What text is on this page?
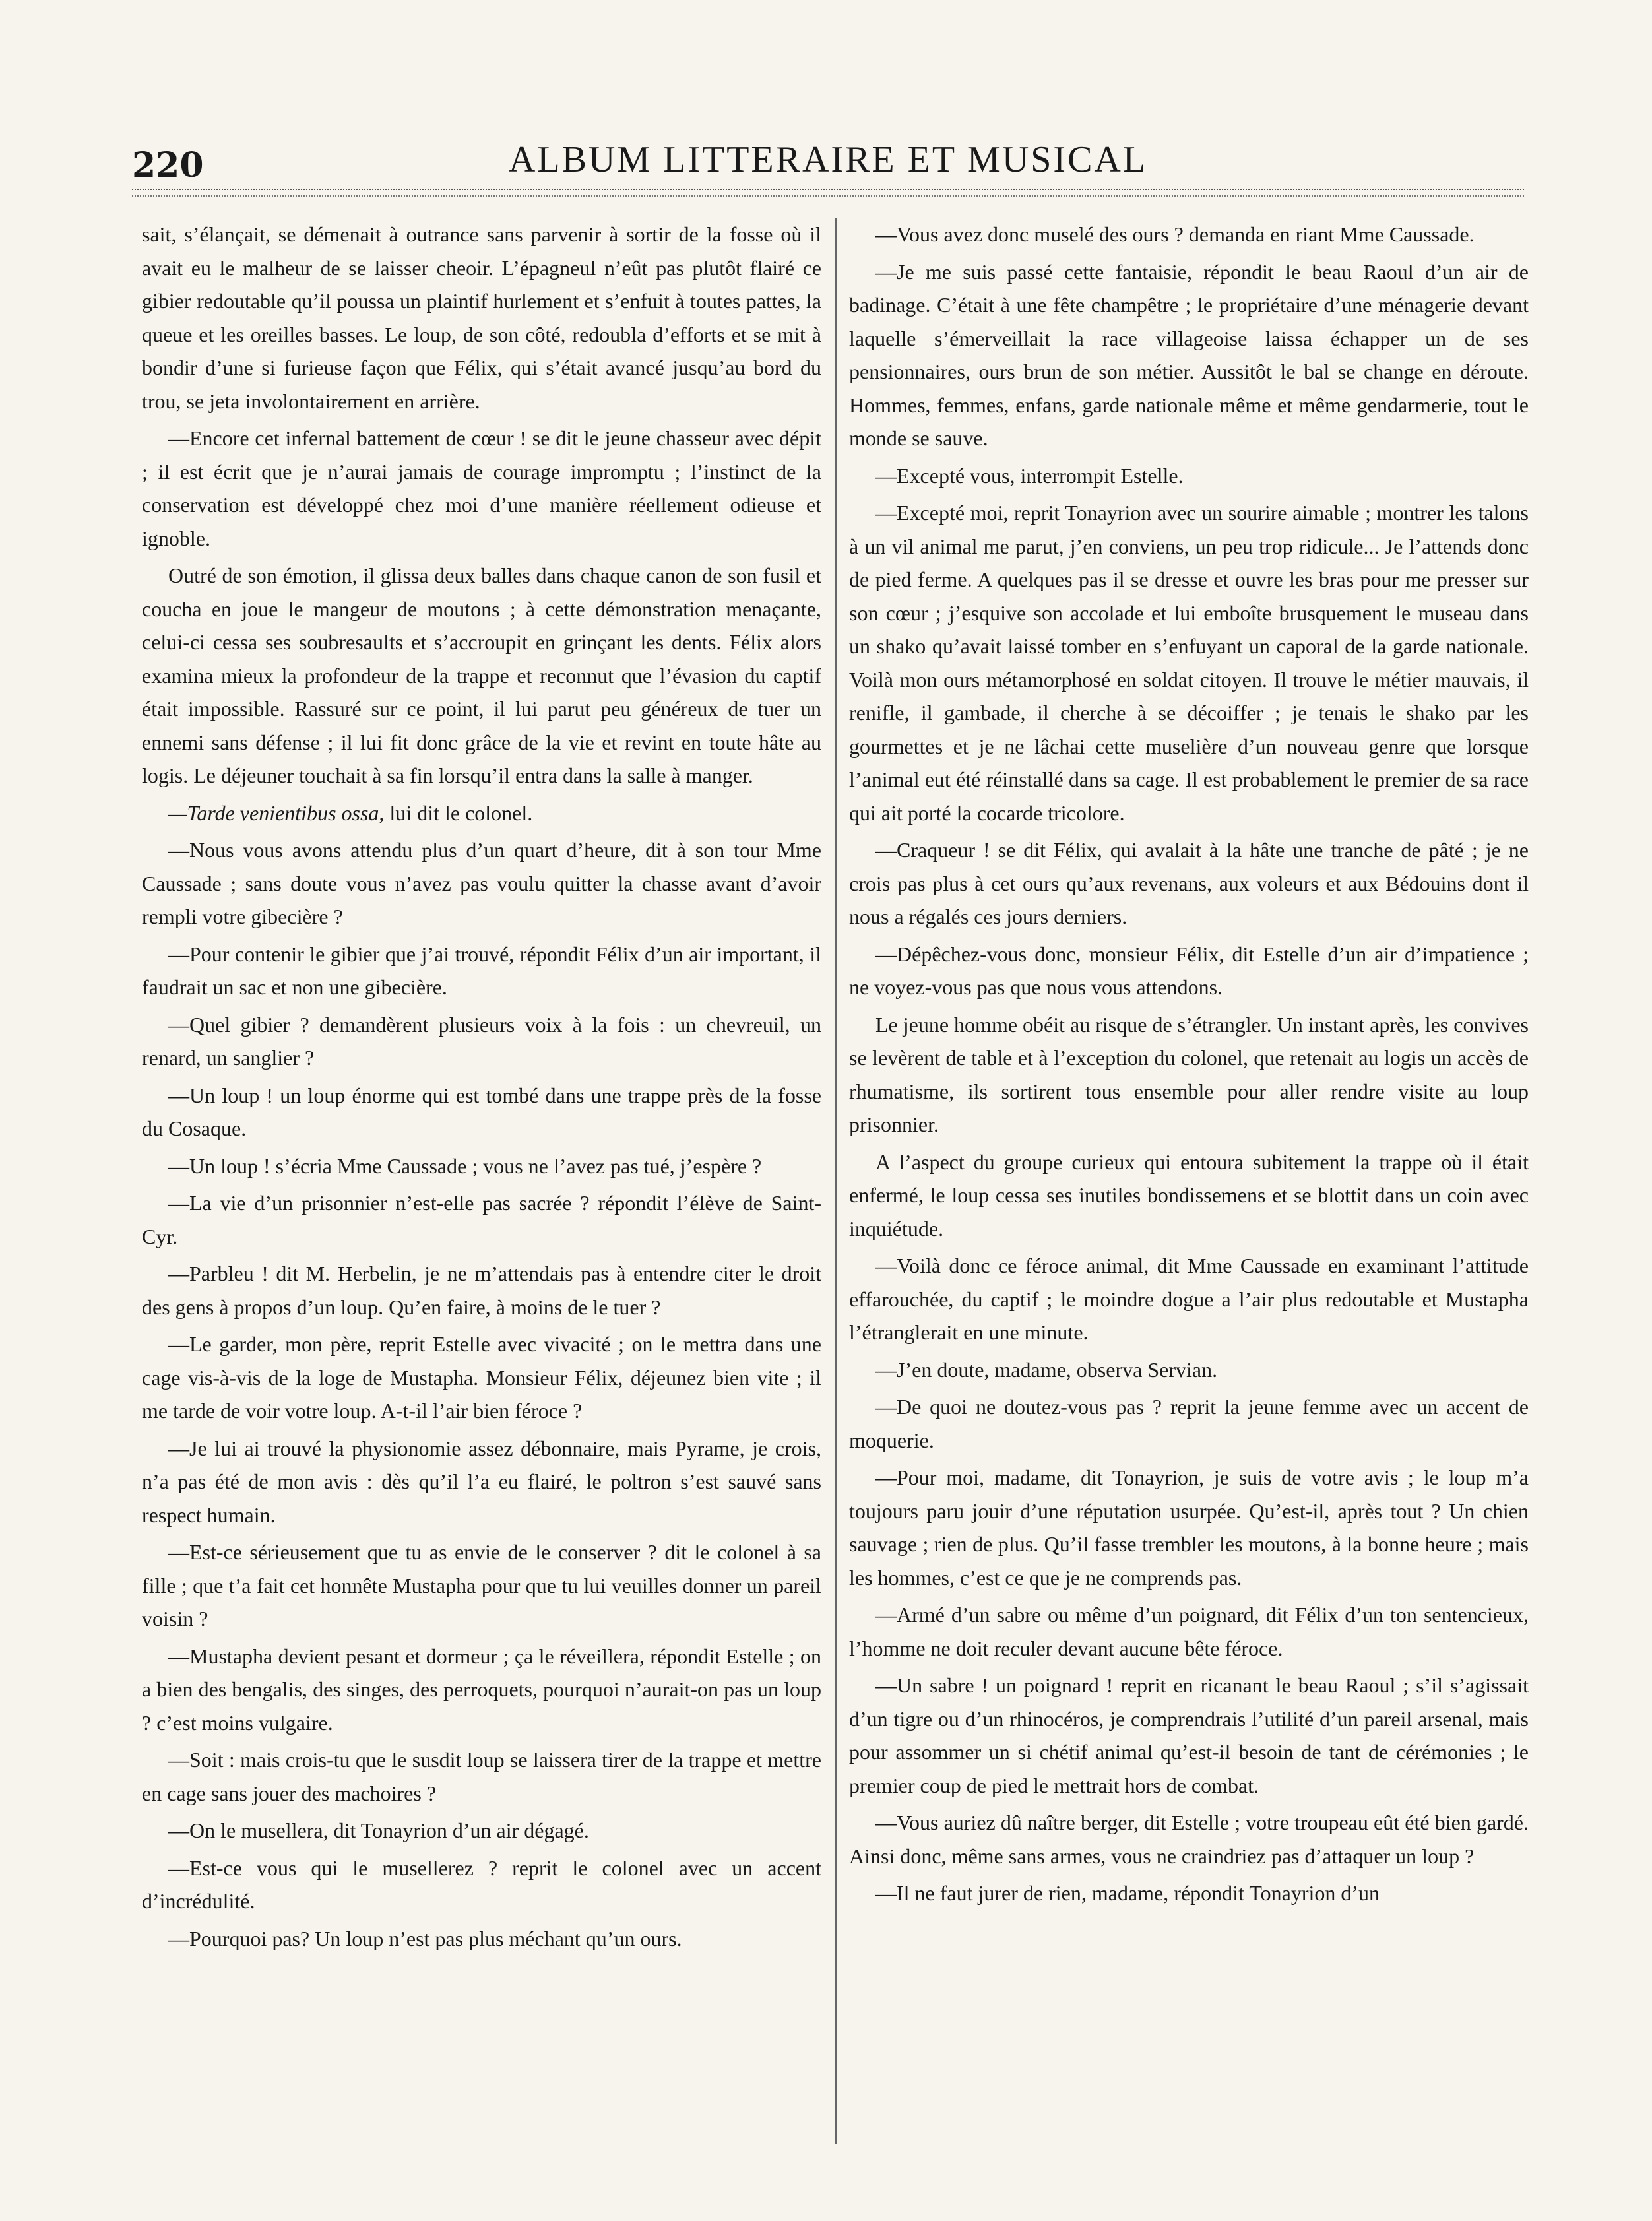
220	ALBUM LITTERAIRE ET MUSICAL

sait, s’élançait, se démenait à outrance sans parvenir à sortir de la fosse où il avait eu le malheur de se laisser cheoir. L’épagneul n’eût pas plutôt flairé ce gibier redoutable qu’il poussa un plaintif hurlement et s’enfuit à toutes pattes, la queue et les oreilles basses. Le loup, de son côté, redoubla d’efforts et se mit à bondir d’une si furieuse façon que Félix, qui s’était avancé jusqu’au bord du trou, se jeta involontairement en arrière.

—Encore cet infernal battement de cœur ! se dit le jeune chasseur avec dépit ; il est écrit que je n’aurai jamais de courage impromptu ; l’instinct de la conservation est développé chez moi d’une manière réellement odieuse et ignoble.

Outré de son émotion, il glissa deux balles dans chaque canon de son fusil et coucha en joue le mangeur de moutons ; à cette démonstration menaçante, celui-ci cessa ses soubresaults et s’accroupit en grinçant les dents. Félix alors examina mieux la profondeur de la trappe et reconnut que l’évasion du captif était impossible. Rassuré sur ce point, il lui parut peu généreux de tuer un ennemi sans défense ; il lui fit donc grâce de la vie et revint en toute hâte au logis. Le déjeuner touchait à sa fin lorsqu’il entra dans la salle à manger.

—Tarde venientibus ossa, lui dit le colonel.

—Nous vous avons attendu plus d’un quart d’heure, dit à son tour Mme Caussade ; sans doute vous n’avez pas voulu quitter la chasse avant d’avoir rempli votre gibecière ?

—Pour contenir le gibier que j’ai trouvé, répondit Félix d’un air important, il faudrait un sac et non une gibecière.

—Quel gibier ? demandèrent plusieurs voix à la fois : un chevreuil, un renard, un sanglier ?

—Un loup ! un loup énorme qui est tombé dans une trappe près de la fosse du Cosaque.

—Un loup ! s’écria Mme Caussade ; vous ne l’avez pas tué, j’espère ?

—La vie d’un prisonnier n’est-elle pas sacrée ? répondit l’élève de Saint-Cyr.

—Parbleu ! dit M. Herbelin, je ne m’attendais pas à entendre citer le droit des gens à propos d’un loup. Qu’en faire, à moins de le tuer ?

—Le garder, mon père, reprit Estelle avec vivacité ; on le mettra dans une cage vis-à-vis de la loge de Mustapha. Monsieur Félix, déjeunez bien vite ; il me tarde de voir votre loup. A-t-il l’air bien féroce ?

—Je lui ai trouvé la physionomie assez débonnaire, mais Pyrame, je crois, n’a pas été de mon avis : dès qu’il l’a eu flairé, le poltron s’est sauvé sans respect humain.

—Est-ce sérieusement que tu as envie de le conserver ? dit le colonel à sa fille ; que t’a fait cet honnête Mustapha pour que tu lui veuilles donner un pareil voisin ?

—Mustapha devient pesant et dormeur ; ça le réveillera, répondit Estelle ; on a bien des bengalis, des singes, des perroquets, pourquoi n’aurait-on pas un loup ? c’est moins vulgaire.

—Soit : mais crois-tu que le susdit loup se laissera tirer de la trappe et mettre en cage sans jouer des machoires ?

—On le musellera, dit Tonayrion d’un air dégagé.

—Est-ce vous qui le musellerez ? reprit le colonel avec un accent d’incrédulité.

—Pourquoi pas? Un loup n’est pas plus méchant qu’un ours.

—Vous avez donc muselé des ours ? demanda en riant Mme Caussade.

—Je me suis passé cette fantaisie, répondit le beau Raoul d’un air de badinage. C’était à une fête champêtre ; le propriétaire d’une ménagerie devant laquelle s’émerveillait la race villageoise laissa échapper un de ses pensionnaires, ours brun de son métier. Aussitôt le bal se change en déroute. Hommes, femmes, enfans, garde nationale même et même gendarmerie, tout le monde se sauve.

—Excepté vous, interrompit Estelle.

—Excepté moi, reprit Tonayrion avec un sourire aimable ; montrer les talons à un vil animal me parut, j’en conviens, un peu trop ridicule... Je l’attends donc de pied ferme. A quelques pas il se dresse et ouvre les bras pour me presser sur son cœur ; j’esquive son accolade et lui emboîte brusquement le museau dans un shako qu’avait laissé tomber en s’enfuyant un caporal de la garde nationale. Voilà mon ours métamorphosé en soldat citoyen. Il trouve le métier mauvais, il renifle, il gambade, il cherche à se décoiffer ; je tenais le shako par les gourmettes et je ne lâchai cette muselière d’un nouveau genre que lorsque l’animal eut été réinstallé dans sa cage. Il est probablement le premier de sa race qui ait porté la cocarde tricolore.

—Craqueur ! se dit Félix, qui avalait à la hâte une tranche de pâté ; je ne crois pas plus à cet ours qu’aux revenans, aux voleurs et aux Bédouins dont il nous a régalés ces jours derniers.

—Dépêchez-vous donc, monsieur Félix, dit Estelle d’un air d’impatience ; ne voyez-vous pas que nous vous attendons.

Le jeune homme obéit au risque de s’étrangler. Un instant après, les convives se levèrent de table et à l’exception du colonel, que retenait au logis un accès de rhumatisme, ils sortirent tous ensemble pour aller rendre visite au loup prisonnier.

A l’aspect du groupe curieux qui entoura subitement la trappe où il était enfermé, le loup cessa ses inutiles bondissemens et se blottit dans un coin avec inquiétude.

—Voilà donc ce féroce animal, dit Mme Caussade en examinant l’attitude effarouchée, du captif ; le moindre dogue a l’air plus redoutable et Mustapha l’étranglerait en une minute.

—J’en doute, madame, observa Servian.

—De quoi ne doutez-vous pas ? reprit la jeune femme avec un accent de moquerie.

—Pour moi, madame, dit Tonayrion, je suis de votre avis ; le loup m’a toujours paru jouir d’une réputation usurpée. Qu’est-il, après tout ? Un chien sauvage ; rien de plus. Qu’il fasse trembler les moutons, à la bonne heure ; mais les hommes, c’est ce que je ne comprends pas.

—Armé d’un sabre ou même d’un poignard, dit Félix d’un ton sentencieux, l’homme ne doit reculer devant aucune bête féroce.

—Un sabre ! un poignard ! reprit en ricanant le beau Raoul ; s’il s’agissait d’un tigre ou d’un rhinocéros, je comprendrais l’utilité d’un pareil arsenal, mais pour assommer un si chétif animal qu’est-il besoin de tant de cérémonies ; le premier coup de pied le mettrait hors de combat.

—Vous auriez dû naître berger, dit Estelle ; votre troupeau eût été bien gardé. Ainsi donc, même sans armes, vous ne craindriez pas d’attaquer un loup ?

—Il ne faut jurer de rien, madame, répondit Tonayrion d’un
